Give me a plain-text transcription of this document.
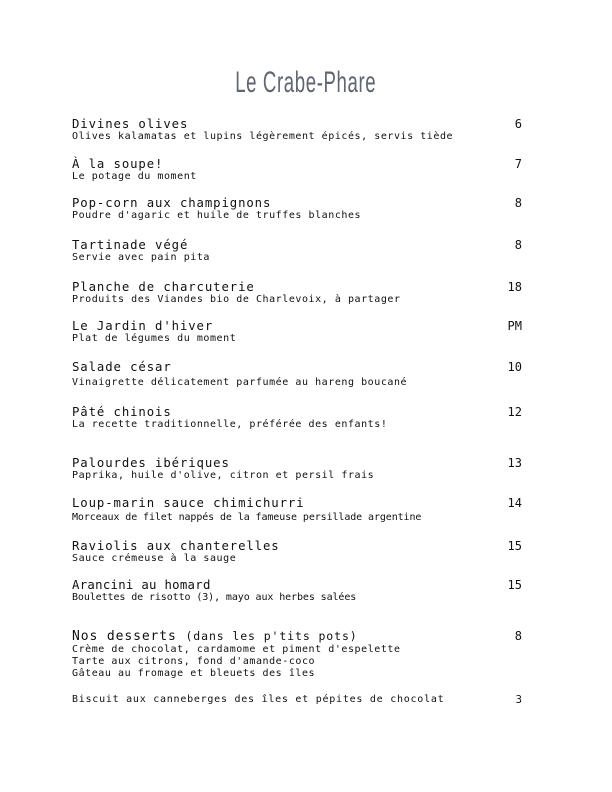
Le Crabe-Phare
Divines olives
Olives kalamatas et lupins légèrement épicés, servis tiède
6
À la soupe!
Le potage du moment
7
Pop-corn aux champignons
Poudre d'agaric et huile de truffes blanches
8
Tartinade végé
Servie avec pain pita
8
Planche de charcuterie
Produits des Viandes bio de Charlevoix, à partager
18
Le Jardin d'hiver
Plat de légumes du moment
PM
Salade césar
Vinaigrette délicatement parfumée au hareng boucané
10
Pâté chinois
La recette traditionnelle, préférée des enfants!
12
Palourdes ibériques
Paprika, huile d'olive, citron et persil frais
13
Loup-marin sauce chimichurri
Morceaux de filet nappés de la fameuse persillade argentine
14
Raviolis aux chanterelles
Sauce crémeuse à la sauge
15
Arancini au homard
Boulettes de risotto (3), mayo aux herbes salées
15
Nos desserts (dans les p'tits pots)
Crème de chocolat, cardamome et piment d'espelette
Tarte aux citrons, fond d'amande-coco
Gâteau au fromage et bleuets des îles
8
Biscuit aux canneberges des îles et pépites de chocolat	3
